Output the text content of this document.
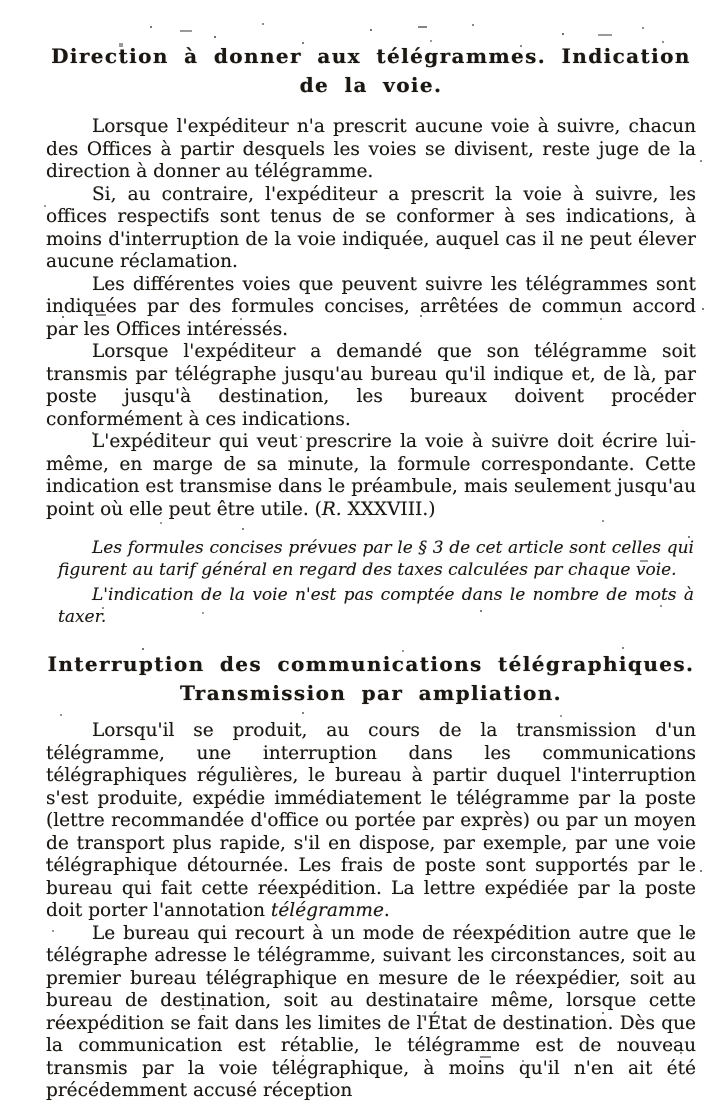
Direction à donner aux télégrammes. Indication
de la voie.

Lorsque l'expéditeur n'a prescrit aucune voie à suivre, chacun des Offices à partir desquels les voies se divisent, reste juge de la direction à donner au télégramme.

Si, au contraire, l'expéditeur a prescrit la voie à suivre, les offices respectifs sont tenus de se conformer à ses indications, à moins d'interruption de la voie indiquée, auquel cas il ne peut élever aucune réclamation.

Les différentes voies que peuvent suivre les télégrammes sont indiquées par des formules concises, arrêtées de commun accord par les Offices intéressés.

Lorsque l'expéditeur a demandé que son télégramme soit transmis par télégraphe jusqu'au bureau qu'il indique et, de là, par poste jusqu'à destination, les bureaux doivent procéder conformément à ces indications.

L'expéditeur qui veut prescrire la voie à suivre doit écrire lui-même, en marge de sa minute, la formule correspondante. Cette indication est transmise dans le préambule, mais seulement jusqu'au point où elle peut être utile. (R. XXXVIII.)

Les formules concises prévues par le § 3 de cet article sont celles qui figurent au tarif général en regard des taxes calculées par chaque voie.

L'indication de la voie n'est pas comptée dans le nombre de mots à taxer.

Interruption des communications télégraphiques.
Transmission par ampliation.

Lorsqu'il se produit, au cours de la transmission d'un télégramme, une interruption dans les communications télégraphiques régulières, le bureau à partir duquel l'interruption s'est produite, expédie immédiatement le télégramme par la poste (lettre recommandée d'office ou portée par exprès) ou par un moyen de transport plus rapide, s'il en dispose, par exemple, par une voie télégraphique détournée. Les frais de poste sont supportés par le bureau qui fait cette réexpédition. La lettre expédiée par la poste doit porter l'annotation télégramme.

Le bureau qui recourt à un mode de réexpédition autre que le télégraphe adresse le télégramme, suivant les circonstances, soit au premier bureau télégraphique en mesure de le réexpédier, soit au bureau de destination, soit au destinataire même, lorsque cette réexpédition se fait dans les limites de l'État de destination. Dès que la communication est rétablie, le télégramme est de nouveau transmis par la voie télégraphique, à moins qu'il n'en ait été précédemment accusé réception
